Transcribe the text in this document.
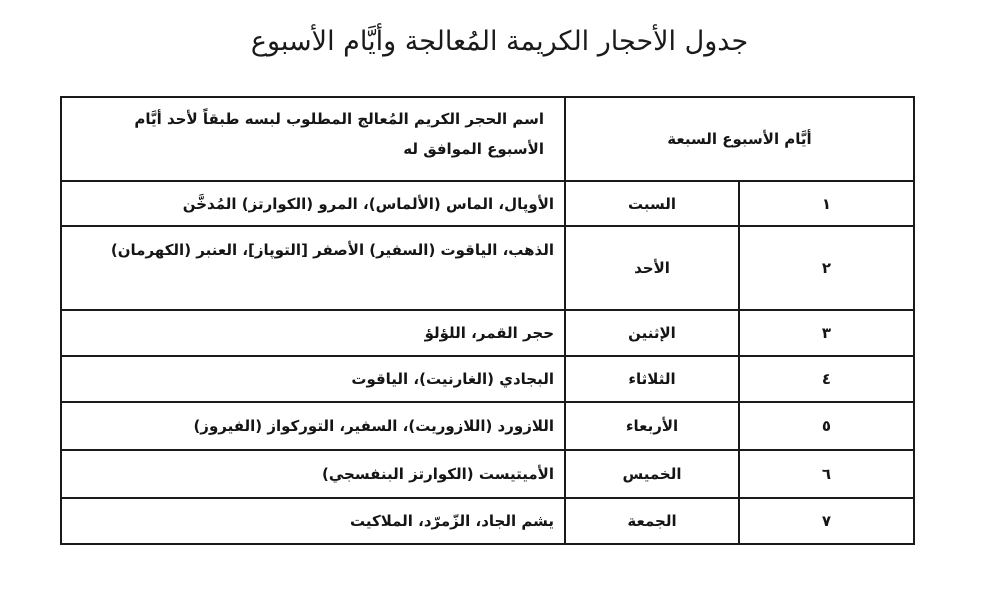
جدول الأحجار الكريمة المُعالجة وأيَّام الأسبوع
أيَّام الأسبوع السبعة		اسم الحجر الكريم المُعالج المطلوب لبسه طبقاً لأحد أيَّام الأسبوع الموافق له
١	السبت	الأوپال، الماس (الألماس)، المرو (الكوارتز) المُدخَّن
٢	الأحد	الذهب، الياقوت (السفير) الأصفر [التوپاز]، العنبر (الكهرمان)
٣	الإثنين	حجر القمر، اللؤلؤ
٤	الثلاثاء	البجادي (الغارنيت)، الياقوت
٥	الأربعاء	اللازورد (اللازوريت)، السفير، التوركواز (الفيروز)
٦	الخميس	الأميتيست (الكوارتز البنفسجي)
٧	الجمعة	يشم الجاد، الزّمرّد، الملاكيت
